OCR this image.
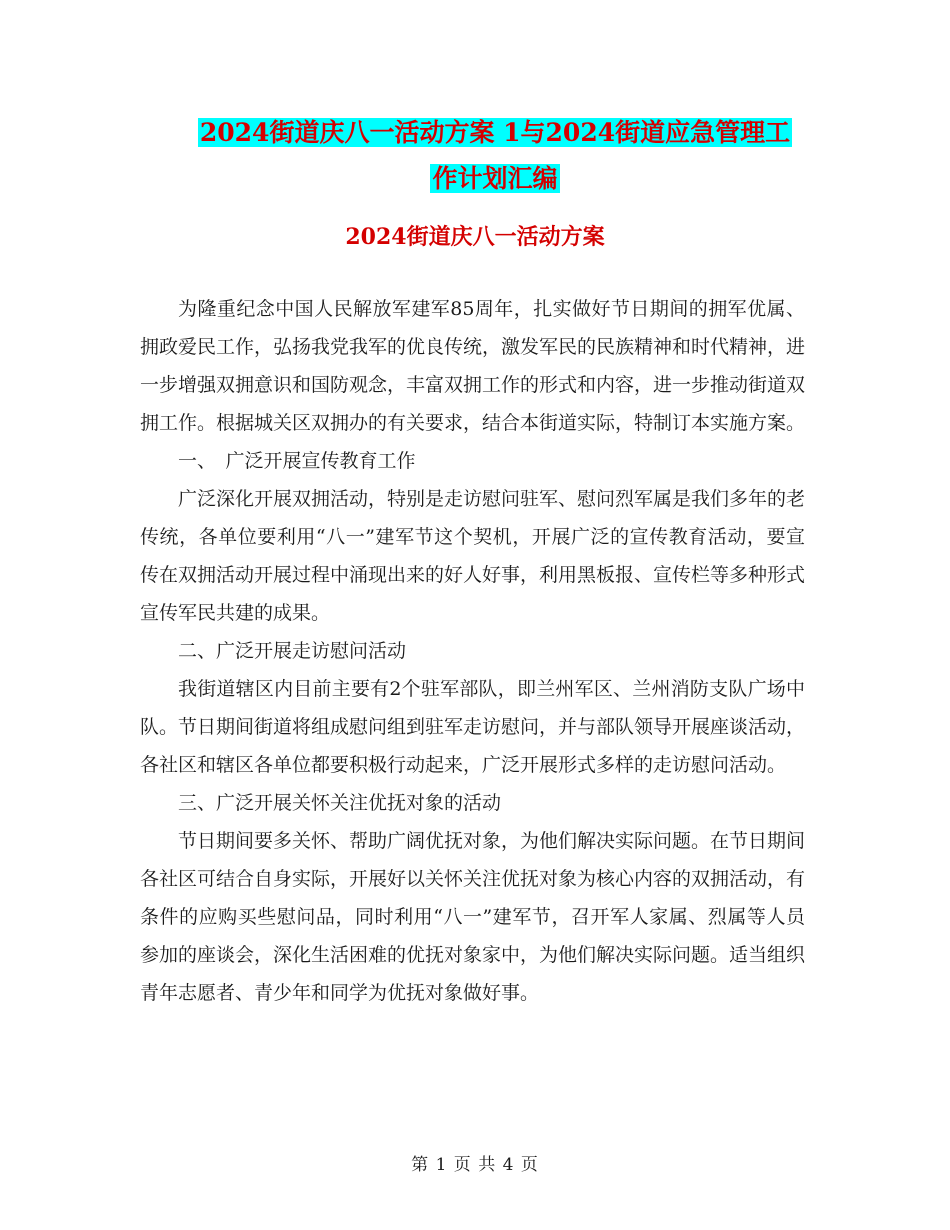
2024街道庆八一活动方案 1与2024街道应急管理工
作计划汇编
2024街道庆八一活动方案

为隆重纪念中国人民解放军建军85周年，扎实做好节日期间的拥军优属、拥政爱民工作，弘扬我党我军的优良传统，激发军民的民族精神和时代精神，进一步增强双拥意识和国防观念，丰富双拥工作的形式和内容，进一步推动街道双拥工作。根据城关区双拥办的有关要求，结合本街道实际，特制订本实施方案。

一、　广泛开展宣传教育工作

广泛深化开展双拥活动，特别是走访慰问驻军、慰问烈军属是我们多年的老传统，各单位要利用“八一”建军节这个契机，开展广泛的宣传教育活动，要宣传在双拥活动开展过程中涌现出来的好人好事，利用黑板报、宣传栏等多种形式宣传军民共建的成果。

二、广泛开展走访慰问活动

我街道辖区内目前主要有2个驻军部队，即兰州军区、兰州消防支队广场中队。节日期间街道将组成慰问组到驻军走访慰问，并与部队领导开展座谈活动，各社区和辖区各单位都要积极行动起来，广泛开展形式多样的走访慰问活动。

三、广泛开展关怀关注优抚对象的活动

节日期间要多关怀、帮助广阔优抚对象，为他们解决实际问题。在节日期间各社区可结合自身实际，开展好以关怀关注优抚对象为核心内容的双拥活动，有条件的应购买些慰问品，同时利用“八一”建军节，召开军人家属、烈属等人员参加的座谈会，深化生活困难的优抚对象家中，为他们解决实际问题。适当组织青年志愿者、青少年和同学为优抚对象做好事。

第 1 页 共 4 页
